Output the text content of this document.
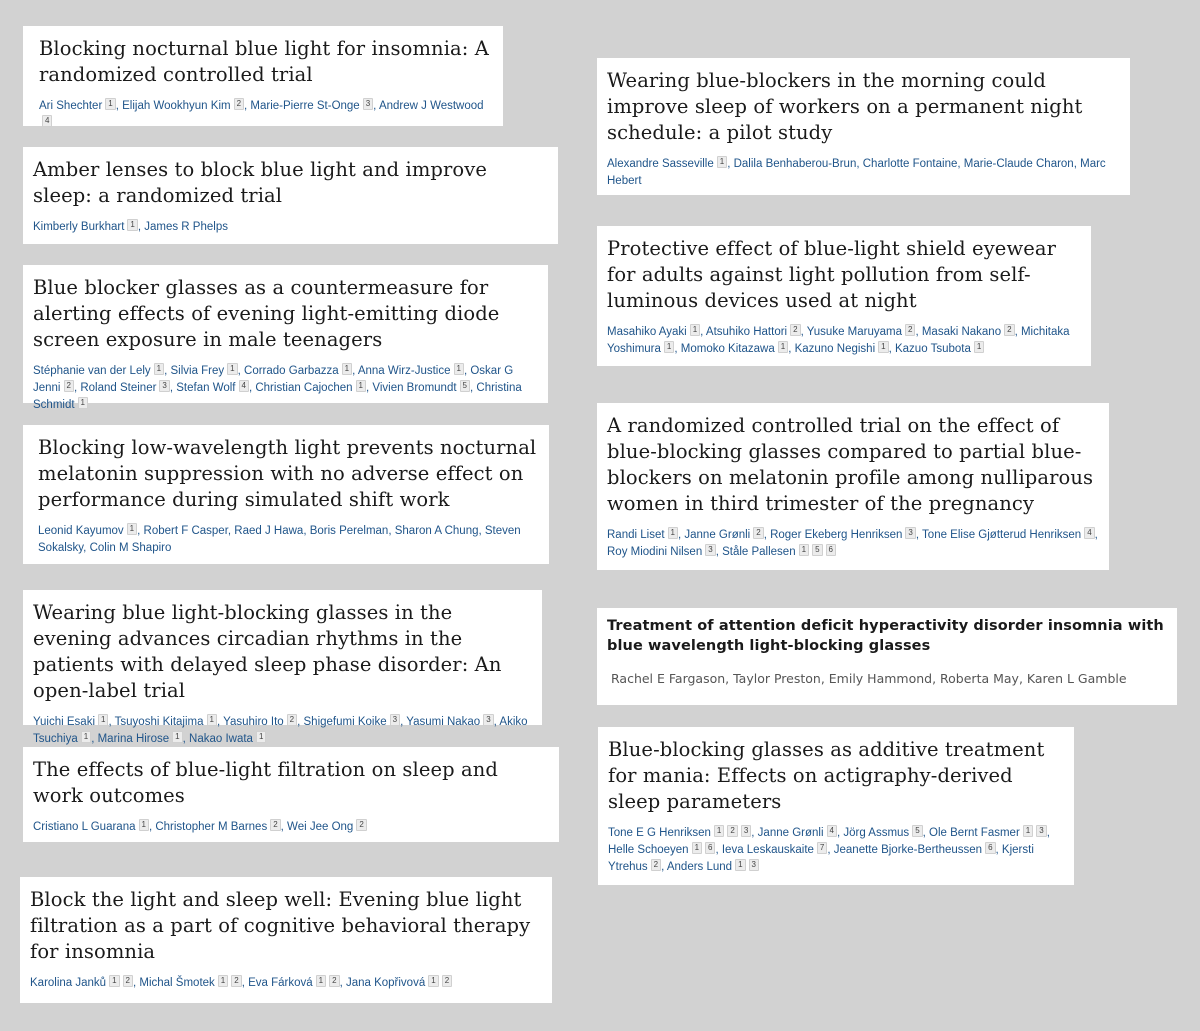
Blocking nocturnal blue light for insomnia: A randomized controlled trial
Ari Shechter $^1$ , Elijah Wookhyun Kim $^2$ , Marie-Pierre St-Onge $^3$ , Andrew J Westwood$^4$
Amber lenses to block blue light and improve sleep: a randomized trial
Kimberly Burkhart $^1$ , James R Phelps
Blue blocker glasses as a countermeasure for alerting effects of evening light-emitting diode screen exposure in male teenagers
Stéphanie van der Lely $^1$ , Silvia Frey $^1$ , Corrado Garbazza $^1$ , Anna Wirz-Justice $^1$ , Oskar G Jenni $^2$ , Roland Steiner $^3$ , Stefan Wolf $^4$ , Christian Cajochen $^1$ , Vivien Bromundt $^5$ , Christina Schmidt $^1$
Blocking low-wavelength light prevents nocturnal melatonin suppression with no adverse effect on performance during simulated shift work
Leonid Kayumov $^1$ , Robert F Casper, Raed J Hawa, Boris Perelman, Sharon A Chung, Steven Sokalsky, Colin M Shapiro
Wearing blue light-blocking glasses in the evening advances circadian rhythms in the patients with delayed sleep phase disorder: An open-label trial
Yuichi Esaki $^1$ , Tsuyoshi Kitajima $^1$ , Yasuhiro Ito $^2$ , Shigefumi Koike $^3$ , Yasumi Nakao $^3$ , Akiko Tsuchiya $^1$ , Marina Hirose $^1$ , Nakao Iwata $^1$
The effects of blue-light filtration on sleep and work outcomes
Cristiano L Guarana $^1$ , Christopher M Barnes $^2$ , Wei Jee Ong $^2$
Block the light and sleep well: Evening blue light filtration as a part of cognitive behavioral therapy for insomnia
Karolina Janků $^1$ $^2$ , Michal Šmotek $^1$ $^2$ , Eva Fárková $^1$ $^2$ , Jana Kopřivová $^1$ $^2$
Wearing blue-blockers in the morning could improve sleep of workers on a permanent night schedule: a pilot study
Alexandre Sasseville $^1$ , Dalila Benhaberou-Brun, Charlotte Fontaine, Marie-Claude Charon, Marc Hebert
Protective effect of blue-light shield eyewear for adults against light pollution from self-luminous devices used at night
Masahiko Ayaki $^1$ , Atsuhiko Hattori $^2$ , Yusuke Maruyama $^2$ , Masaki Nakano $^2$ , Michitaka Yoshimura $^1$ , Momoko Kitazawa $^1$ , Kazuno Negishi $^1$ , Kazuo Tsubota $^1$
A randomized controlled trial on the effect of blue-blocking glasses compared to partial blue-blockers on melatonin profile among nulliparous women in third trimester of the pregnancy
Randi Liset $^1$ , Janne Grønli $^2$ , Roger Ekeberg Henriksen $^3$ , Tone Elise Gjøtterud Henriksen $^4$ , Roy Miodini Nilsen $^3$ , Ståle Pallesen $^1$ $^5$ $^6$
Treatment of attention deficit hyperactivity disorder insomnia with blue wavelength light-blocking glasses
Rachel E Fargason, Taylor Preston, Emily Hammond, Roberta May, Karen L Gamble
Blue-blocking glasses as additive treatment for mania: Effects on actigraphy-derived sleep parameters
Tone E G Henriksen $^1$ $^2$ $^3$ , Janne Grønli $^4$ , Jörg Assmus $^5$ , Ole Bernt Fasmer $^1$ $^3$ , Helle Schoeyen $^1$ $^6$ , Ieva Leskauskaite $^7$ , Jeanette Bjorke-Bertheussen $^6$ , Kjersti Ytrehus $^2$ , Anders Lund $^1$ $^3$
